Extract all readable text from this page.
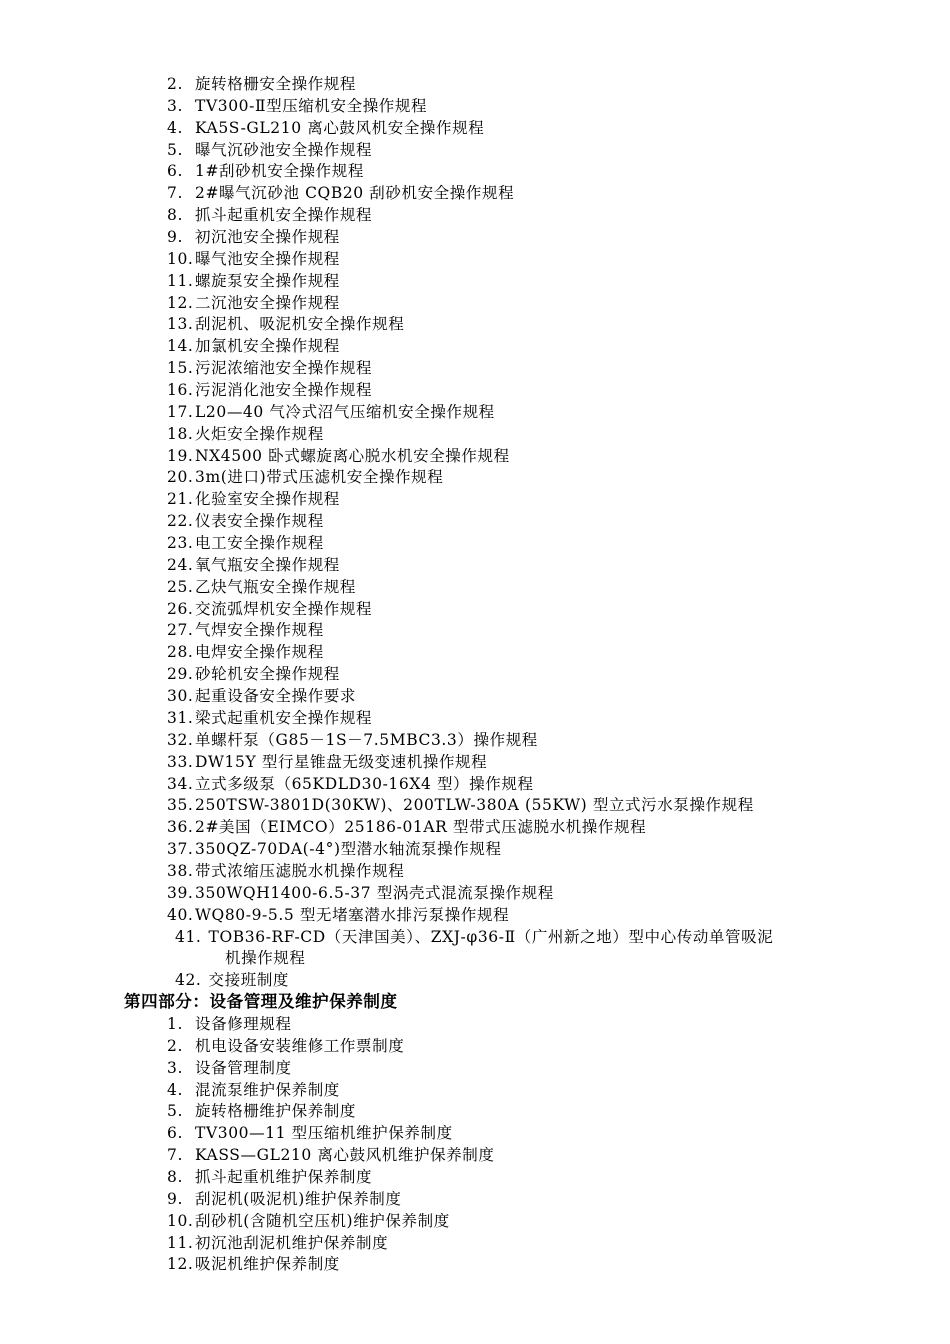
2. 旋转格栅安全操作规程
3. TV300-Ⅱ型压缩机安全操作规程
4. KA5S-GL210 离心鼓风机安全操作规程
5. 曝气沉砂池安全操作规程
6. 1#刮砂机安全操作规程
7. 2#曝气沉砂池 CQB20 刮砂机安全操作规程
8. 抓斗起重机安全操作规程
9. 初沉池安全操作规程
10.曝气池安全操作规程
11.螺旋泵安全操作规程
12.二沉池安全操作规程
13.刮泥机、吸泥机安全操作规程
14.加氯机安全操作规程
15.污泥浓缩池安全操作规程
16.污泥消化池安全操作规程
17.L20—40 气冷式沼气压缩机安全操作规程
18.火炬安全操作规程
19.NX4500 卧式螺旋离心脱水机安全操作规程
20.3m(进口)带式压滤机安全操作规程
21.化验室安全操作规程
22.仪表安全操作规程
23.电工安全操作规程
24.氧气瓶安全操作规程
25.乙炔气瓶安全操作规程
26.交流弧焊机安全操作规程
27.气焊安全操作规程
28.电焊安全操作规程
29.砂轮机安全操作规程
30.起重设备安全操作要求
31.梁式起重机安全操作规程
32.单螺杆泵（G85－1S－7.5MBC3.3）操作规程
33.DW15Y 型行星锥盘无级变速机操作规程
34.立式多级泵（65KDLD30-16X4 型）操作规程
35.250TSW-3801D(30KW)、200TLW-380A (55KW) 型立式污水泵操作规程
36.2#美国（EIMCO）25186-01AR 型带式压滤脱水机操作规程
37.350QZ-70DA(-4°)型潜水轴流泵操作规程
38.带式浓缩压滤脱水机操作规程
39.350WQH1400-6.5-37 型涡壳式混流泵操作规程
40.WQ80-9-5.5 型无堵塞潜水排污泵操作规程
41. TOB36-RF-CD（天津国美）、ZXJ-φ36-Ⅱ（广州新之地）型中心传动单管吸泥
机操作规程
42. 交接班制度
第四部分：设备管理及维护保养制度
1. 设备修理规程
2. 机电设备安装维修工作票制度
3. 设备管理制度
4. 混流泵维护保养制度
5. 旋转格栅维护保养制度
6. TV300—11 型压缩机维护保养制度
7. KASS—GL210 离心鼓风机维护保养制度
8. 抓斗起重机维护保养制度
9. 刮泥机(吸泥机)维护保养制度
10.刮砂机(含随机空压机)维护保养制度
11.初沉池刮泥机维护保养制度
12.吸泥机维护保养制度
